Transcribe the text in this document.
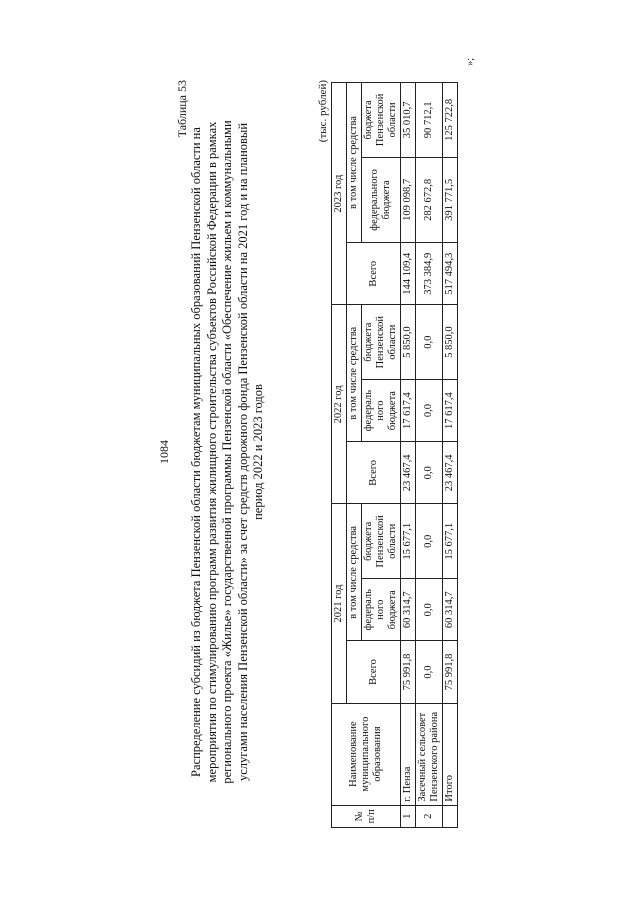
1084
Таблица 53
Распределение субсидий из бюджета Пензенской области бюджетам муниципальных образований Пензенской области на мероприятия по стимулированию программ развития жилищного строительства субъектов Российской Федерации в рамках регионального проекта «Жилье» государственной программы Пензенской области «Обеспечение жильем и коммунальными услугами населения Пензенской области» за счет средств дорожного фонда Пензенской области на 2021 год и на плановый период 2022 и 2023 годов
(тыс. рублей)
№ п/п	Наименование муниципального образования	2021 год			2022 год			2023 год		
		Всего	в том числе средства		Всего	в том числе средства		Всего	в том числе средства	
			федераль ного бюджета	бюджета Пензенской области		федераль ного бюджета	бюджета Пензенской области		федерального бюджета	бюджета Пензенской области
1	г. Пенза	75 991,8	60 314,7	15 677,1	23 467,4	17 617,4	5 850,0	144 109,4	109 098,7	35 010,7
2	Засечный сельсовет Пензенского района	0,0	0,0	0,0	0,0	0,0	0,0	373 384,9	282 672,8	90 712,1
	Итого	75 991,8	60 314,7	15 677,1	23 467,4	17 617,4	5 850,0	517 494,3	391 771,5	125 722,8
»;
